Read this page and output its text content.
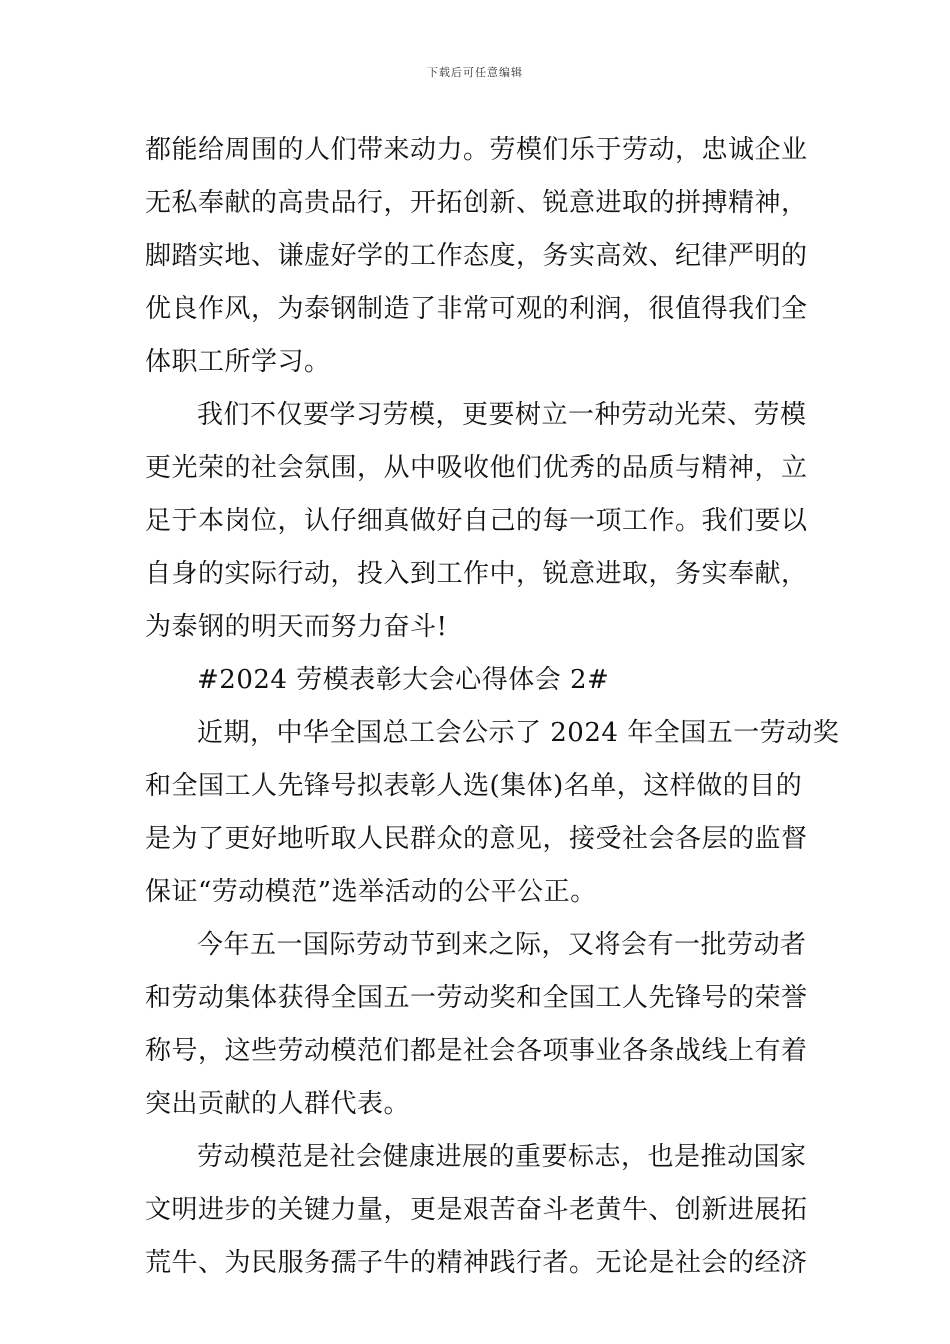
下载后可任意编辑
都能给周围的人们带来动力。劳模们乐于劳动，忠诚企业
无私奉献的高贵品行，开拓创新、锐意进取的拼搏精神，
脚踏实地、谦虚好学的工作态度，务实高效、纪律严明的
优良作风，为泰钢制造了非常可观的利润，很值得我们全
体职工所学习。
我们不仅要学习劳模，更要树立一种劳动光荣、劳模
更光荣的社会氛围，从中吸收他们优秀的品质与精神，立
足于本岗位，认仔细真做好自己的每一项工作。我们要以
自身的实际行动，投入到工作中，锐意进取，务实奉献，
为泰钢的明天而努力奋斗!
#2024 劳模表彰大会心得体会 2#
近期，中华全国总工会公示了 2024 年全国五一劳动奖
和全国工人先锋号拟表彰人选(集体)名单，这样做的目的
是为了更好地听取人民群众的意见，接受社会各层的监督
保证“劳动模范”选举活动的公平公正。
今年五一国际劳动节到来之际，又将会有一批劳动者
和劳动集体获得全国五一劳动奖和全国工人先锋号的荣誉
称号，这些劳动模范们都是社会各项事业各条战线上有着
突出贡献的人群代表。
劳动模范是社会健康进展的重要标志，也是推动国家
文明进步的关键力量，更是艰苦奋斗老黄牛、创新进展拓
荒牛、为民服务孺子牛的精神践行者。无论是社会的经济
